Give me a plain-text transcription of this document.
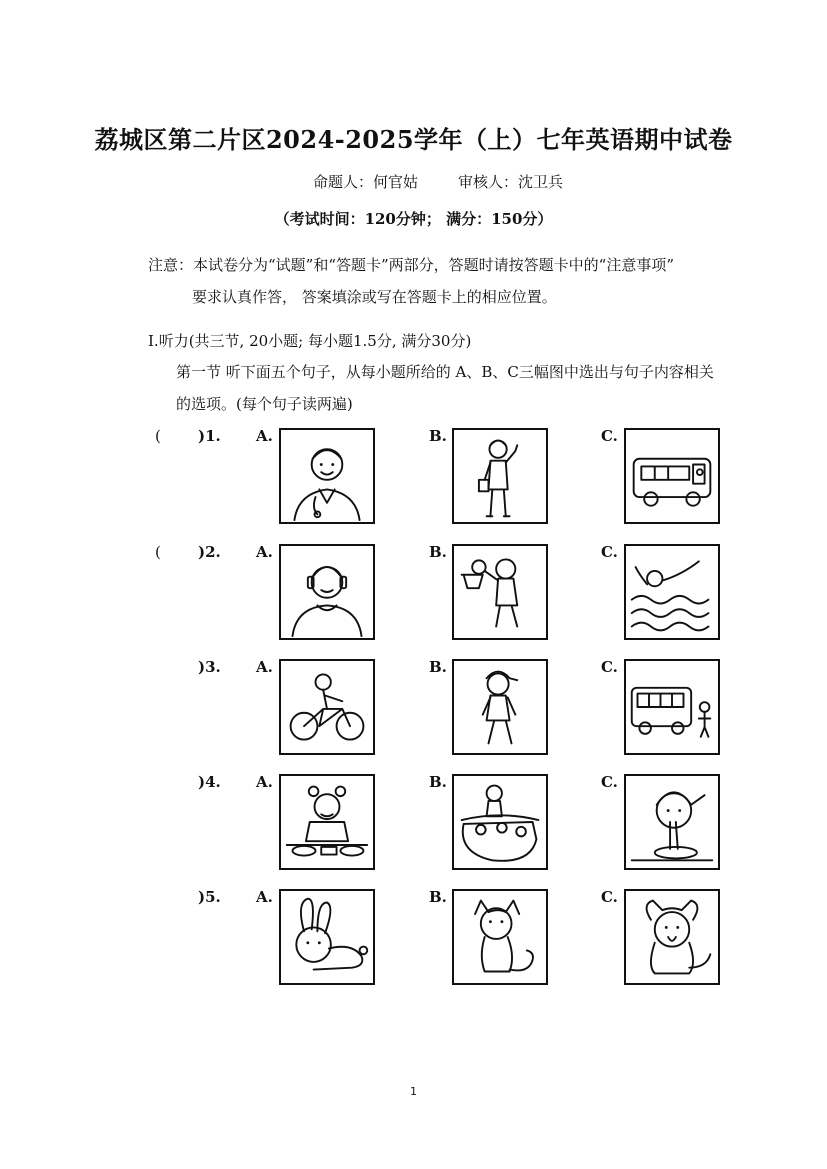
荔城区第二片区2024-2025学年（上）七年英语期中试卷
命题人：何官姑	审核人：沈卫兵
（考试时间：120分钟； 满分：150分）
注意：本试卷分为“试题”和“答题卡”两部分，答题时请按答题卡中的“注意事项”
要求认真作答， 答案填涂或写在答题卡上的相应位置。
Ⅰ.听力(共三节, 20小题; 每小题1.5分, 满分30分)
第一节 听下面五个句子，从每小题所给的 A、B、C三幅图中选出与句子内容相关
的选项。(每个句子读两遍)
( )1. A.	B.	C.
( )2. A.	B.	C.
)3. A.	B.	C.
)4. A.	B.	C.
)5. A.	B.	C.
1
